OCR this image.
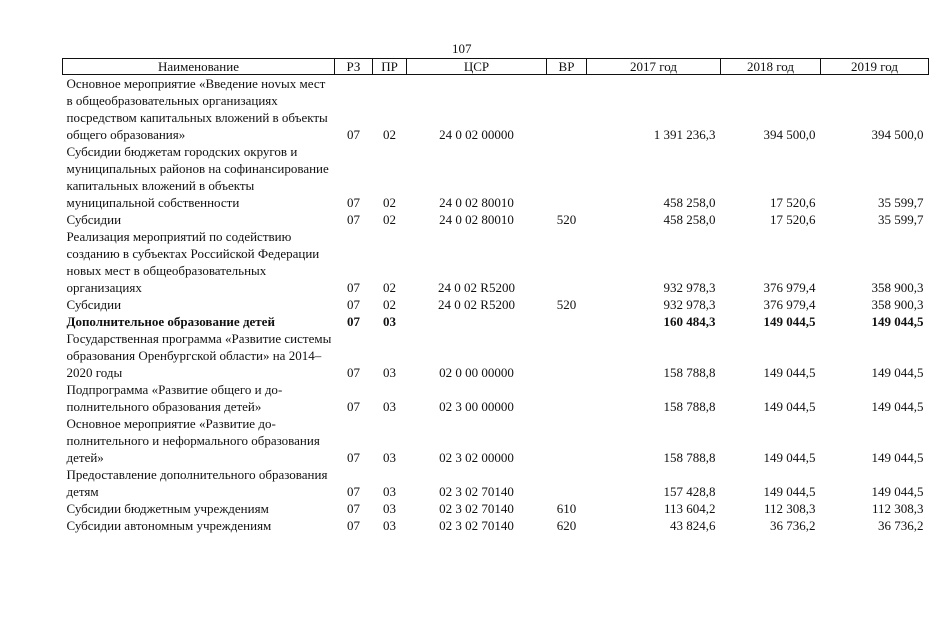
107
Наименование	РЗ	ПР	ЦСР	ВР	2017 год	2018 год	2019 год
Основное мероприятие «Введение ноvых мест в общеобразовательных организациях посредством капитальных вложений в объекты общего образования»	07	02	24 0 02 00000		1 391 236,3	394 500,0	394 500,0
Субсидии бюджетам городских округов и муниципальных районов на софинансирование капитальных вложений в объекты муниципальной собственности	07	02	24 0 02 80010		458 258,0	17 520,6	35 599,7
Субсидии	07	02	24 0 02 80010	520	458 258,0	17 520,6	35 599,7
Реализация мероприятий по содействию созданию в субъектах Российской Федерации новых мест в общеобразовательных организациях	07	02	24 0 02 R5200		932 978,3	376 979,4	358 900,3
Субсидии	07	02	24 0 02 R5200	520	932 978,3	376 979,4	358 900,3
Дополнительное образование детей	07	03			160 484,3	149 044,5	149 044,5
Государственная программа «Развитие системы образования Оренбургской области» на 2014–2020 годы	07	03	02 0 00 00000		158 788,8	149 044,5	149 044,5
Подпрограмма «Развитие общего и дополнительного образования детей»	07	03	02 3 00 00000		158 788,8	149 044,5	149 044,5
Основное мероприятие «Развитие дополнительного и неформального образования детей»	07	03	02 3 02 00000		158 788,8	149 044,5	149 044,5
Предоставление дополнительного образования детям	07	03	02 3 02 70140		157 428,8	149 044,5	149 044,5
Субсидии бюджетным учреждениям	07	03	02 3 02 70140	610	113 604,2	112 308,3	112 308,3
Субсидии автономным учреждениям	07	03	02 3 02 70140	620	43 824,6	36 736,2	36 736,2
